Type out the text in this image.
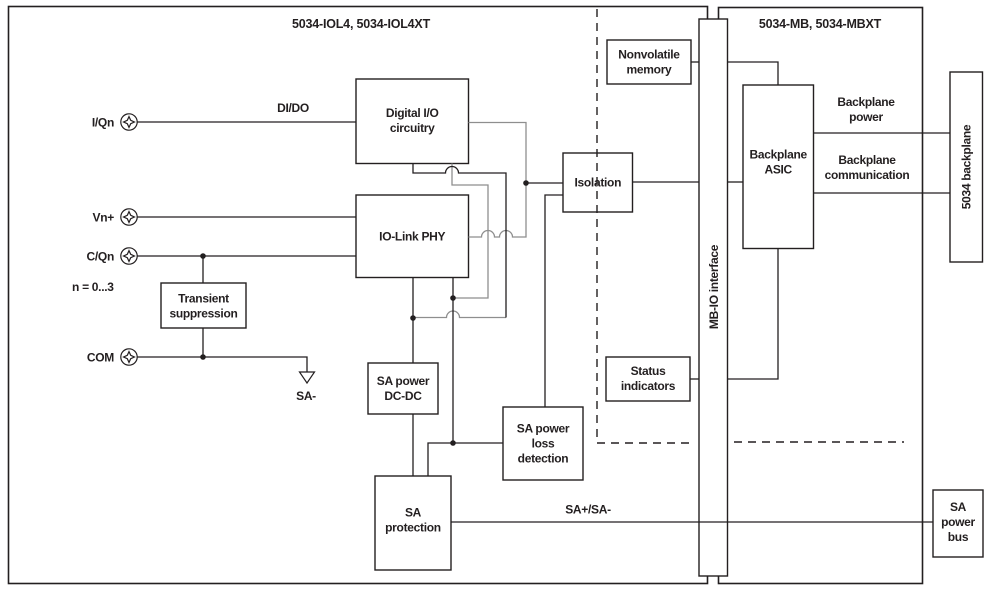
5034-IOL4, 5034-IOL4XT	5034-MB, 5034-MBXT
I/Qn
Vn+
C/Qn
COM
n = 0...3
DI/DO
SA-
SA+/SA-
Backplane
power
Backplane
communication
Digital I/O
circuitry
IO-Link PHY
Transient
suppression
SA power
DC-DC
SA power
loss
detection
SA
protection
Isolation
Nonvolatile
memory
Status
indicators
Backplane
ASIC
SA
power
bus
MB-IO interface
5034 backplane
